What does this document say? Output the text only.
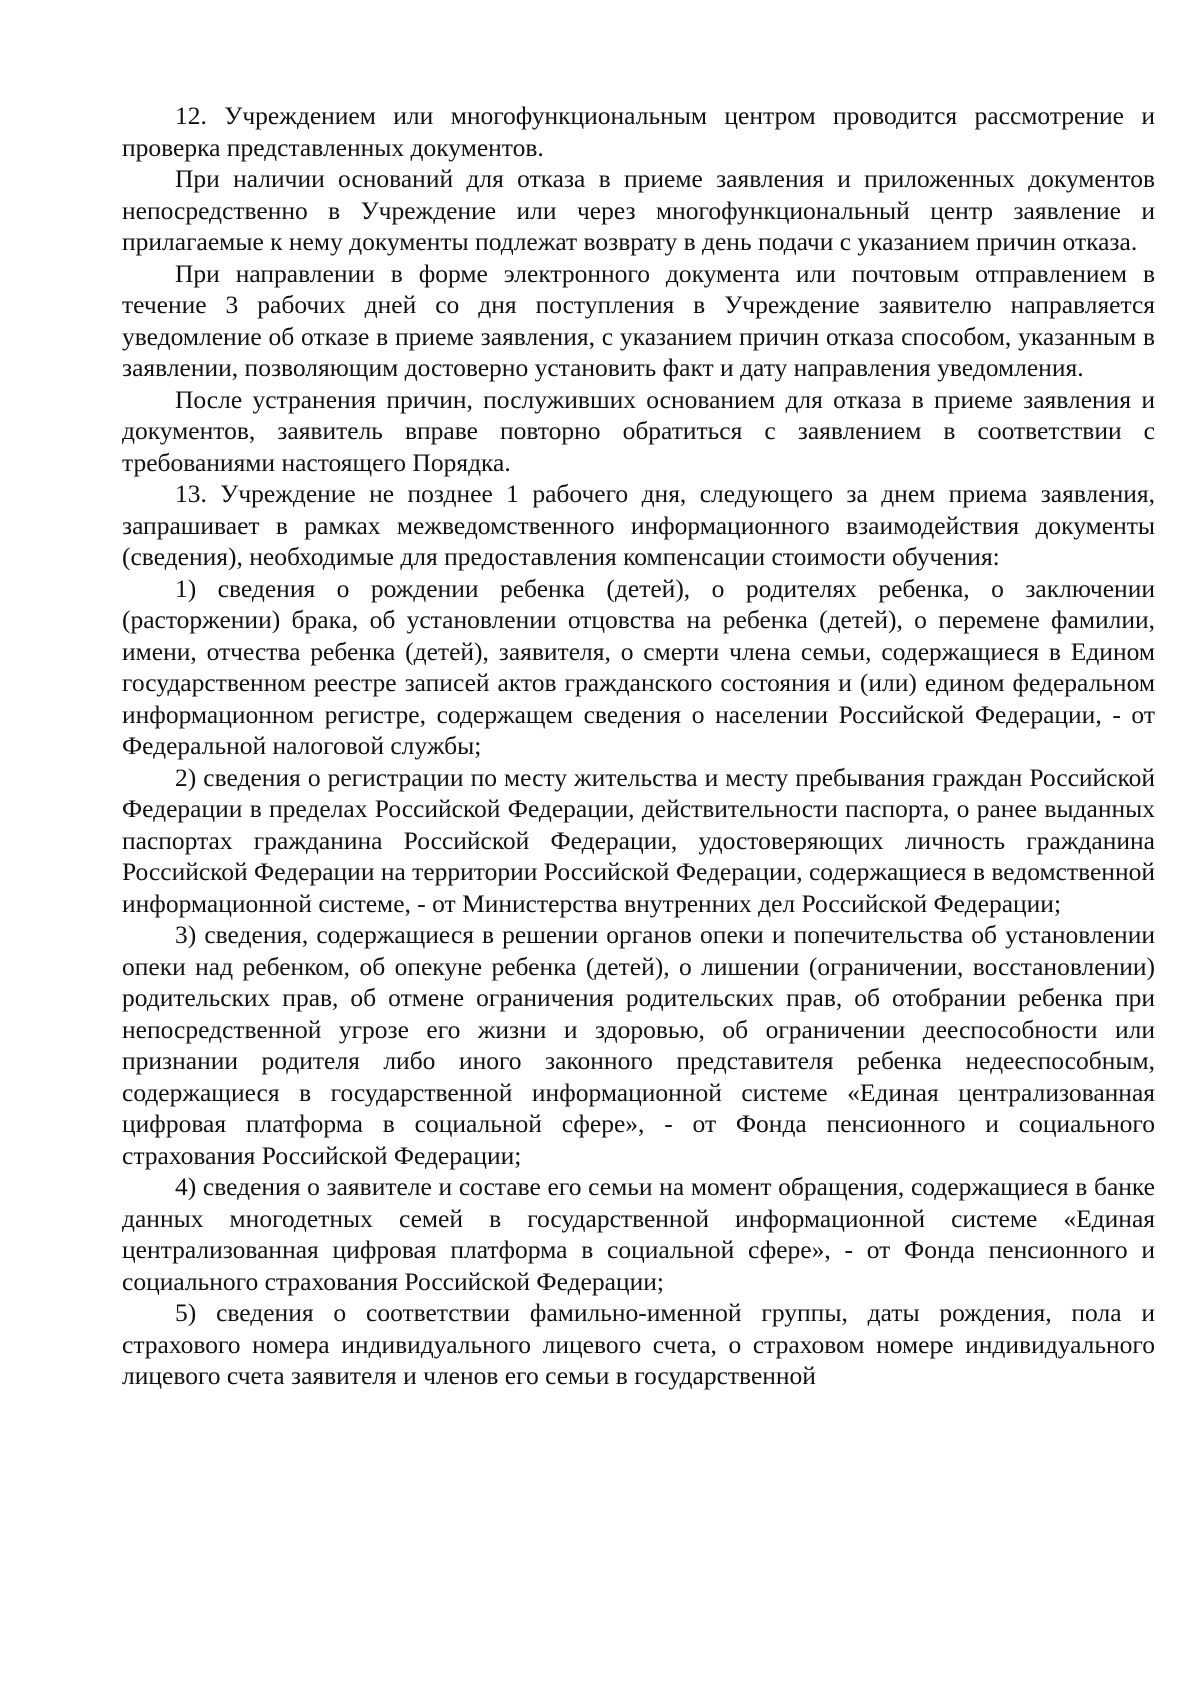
12. Учреждением или многофункциональным центром проводится рассмотрение и проверка представленных документов.

При наличии оснований для отказа в приеме заявления и приложенных документов непосредственно в Учреждение или через многофункциональный центр заявление и прилагаемые к нему документы подлежат возврату в день подачи с указанием причин отказа.

При направлении в форме электронного документа или почтовым отправлением в течение 3 рабочих дней со дня поступления в Учреждение заявителю направляется уведомление об отказе в приеме заявления, с указанием причин отказа способом, указанным в заявлении, позволяющим достоверно установить факт и дату направления уведомления.

После устранения причин, послуживших основанием для отказа в приеме заявления и документов, заявитель вправе повторно обратиться с заявлением в соответствии с требованиями настоящего Порядка.

13. Учреждение не позднее 1 рабочего дня, следующего за днем приема заявления, запрашивает в рамках межведомственного информационного взаимодействия документы (сведения), необходимые для предоставления компенсации стоимости обучения:

1) сведения о рождении ребенка (детей), о родителях ребенка, о заключении (расторжении) брака, об установлении отцовства на ребенка (детей), о перемене фамилии, имени, отчества ребенка (детей), заявителя, о смерти члена семьи, содержащиеся в Едином государственном реестре записей актов гражданского состояния и (или) едином федеральном информационном регистре, содержащем сведения о населении Российской Федерации, - от Федеральной налоговой службы;

2) сведения о регистрации по месту жительства и месту пребывания граждан Российской Федерации в пределах Российской Федерации, действительности паспорта, о ранее выданных паспортах гражданина Российской Федерации, удостоверяющих личность гражданина Российской Федерации на территории Российской Федерации, содержащиеся в ведомственной информационной системе, - от Министерства внутренних дел Российской Федерации;

3) сведения, содержащиеся в решении органов опеки и попечительства об установлении опеки над ребенком, об опекуне ребенка (детей), о лишении (ограничении, восстановлении) родительских прав, об отмене ограничения родительских прав, об отобрании ребенка при непосредственной угрозе его жизни и здоровью, об ограничении дееспособности или признании родителя либо иного законного представителя ребенка недееспособным, содержащиеся в государственной информационной системе «Единая централизованная цифровая платформа в социальной сфере», - от Фонда пенсионного и социального страхования Российской Федерации;

4) сведения о заявителе и составе его семьи на момент обращения, содержащиеся в банке данных многодетных семей в государственной информационной системе «Единая централизованная цифровая платформа в социальной сфере», - от Фонда пенсионного и социального страхования Российской Федерации;

5) сведения о соответствии фамильно-именной группы, даты рождения, пола и страхового номера индивидуального лицевого счета, о страховом номере индивидуального лицевого счета заявителя и членов его семьи в государственной
